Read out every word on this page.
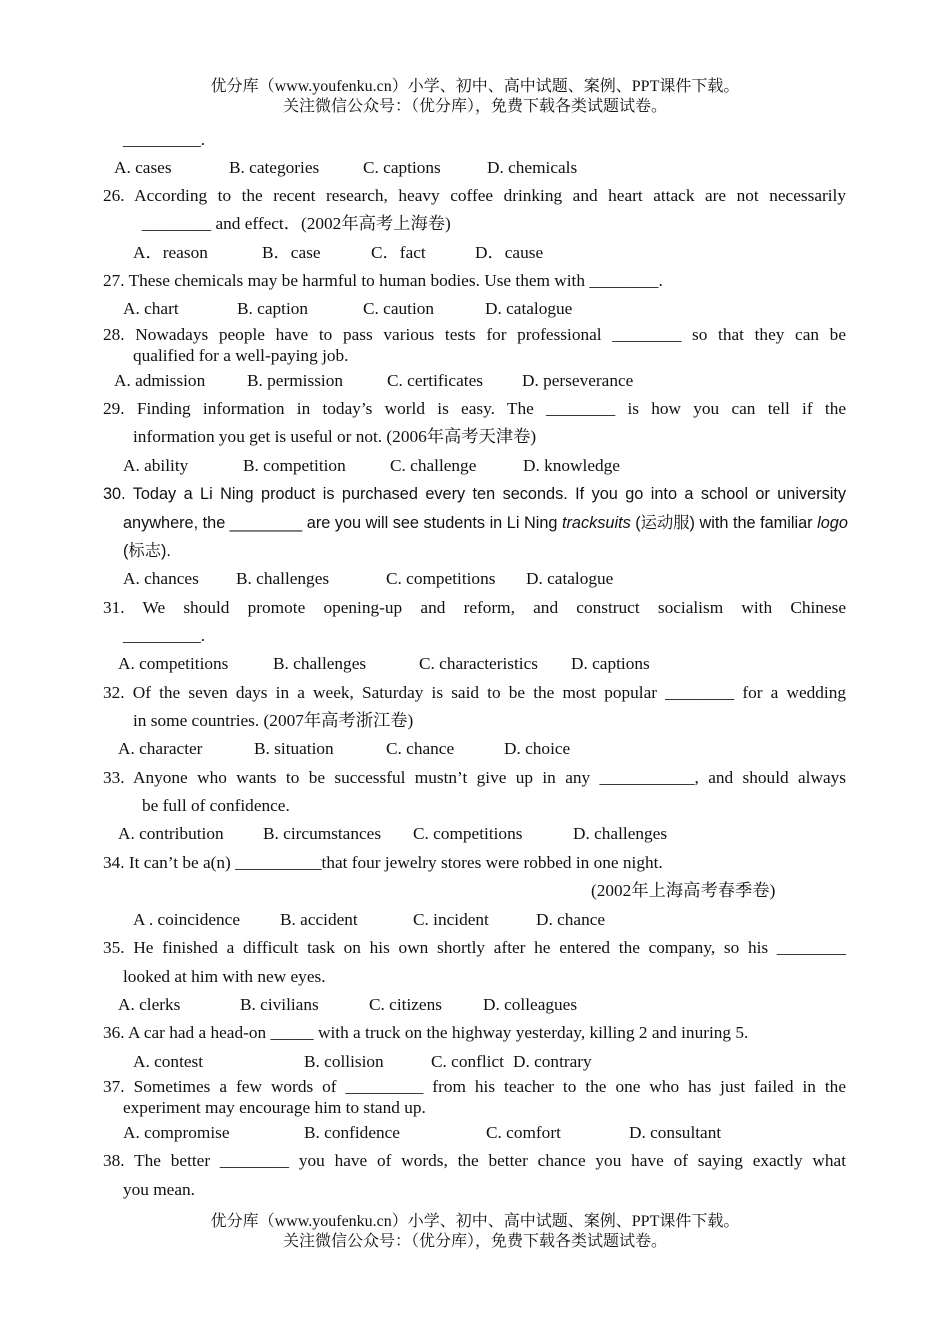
优分库（www.youfenku.cn）小学、初中、高中试题、案例、PPT课件下载。
关注微信公众号：（优分库），免费下载各类试题试卷。
_________.
A. cases	B. categories	C. captions	D. chemicals
26. According to the recent research, heavy coffee drinking and heart attack are not necessarily
________ and effect．(2002年高考上海卷)
A．reason	B．case	C．fact	D．cause
27. These chemicals may be harmful to human bodies. Use them with ________.
A. chart	B. caption	C. caution	D. catalogue
28. Nowadays people have to pass various tests for professional ________ so that they can be
qualified for a well-paying job.
A. admission B. permission	C. certificates D. perseverance
29. Finding information in today’s world is easy. The ________ is how you can tell if the
information you get is useful or not. (2006年高考天津卷)
A. ability	B. competition	C. challenge	D. knowledge
30. Today a Li Ning product is purchased every ten seconds. If you go into a school or university
anywhere, the ________ are you will see students in Li Ning tracksuits (运动服) with the familiar logo
(标志).
A. chances B. challenges	C. competitions D. catalogue
31. We should promote opening-up and reform, and construct socialism with Chinese
_________.
A. competitions	B. challenges	C. characteristics D. captions
32. Of the seven days in a week, Saturday is said to be the most popular ________ for a wedding
in some countries. (2007年高考浙江卷)
A. character	B. situation	C. chance	D. choice
33. Anyone who wants to be successful mustn’t give up in any ___________, and should always
be full of confidence.
A. contribution B. circumstances C. competitions	D. challenges
34. It can’t be a(n) __________that four jewelry stores were robbed in one night.
(2002年上海高考春季卷)
A . coincidence B. accident	C. incident	D. chance
35. He finished a difficult task on his own shortly after he entered the company, so his ________
looked at him with new eyes.
A. clerks	B. civilians	C. citizens D. colleagues
36. A car had a head-on _____ with a truck on the highway yesterday, killing 2 and inuring 5.
A. contest	B. collision	C. conflict D. contrary
37. Sometimes a few words of _________ from his teacher to the one who has just failed in the
experiment may encourage him to stand up.
A. compromise	B. confidence	C. comfort	D. consultant
38. The better ________ you have of words, the better chance you have of saying exactly what
you mean.
优分库（www.youfenku.cn）小学、初中、高中试题、案例、PPT课件下载。
关注微信公众号：（优分库），免费下载各类试题试卷。
